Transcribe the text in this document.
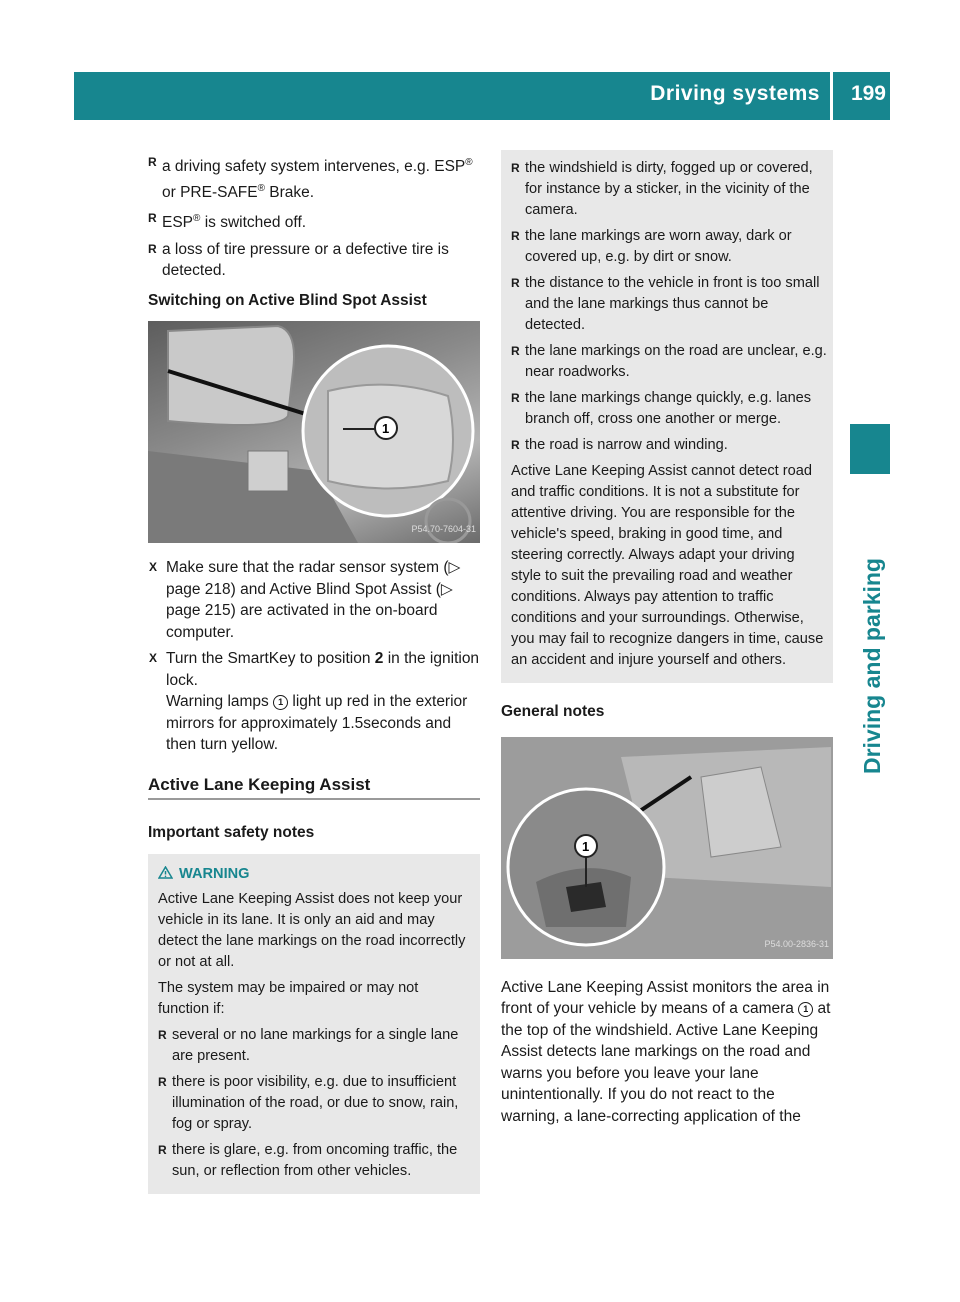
Driving systems 199
Driving and parking
R a driving safety system intervenes, e.g. ESP® or PRE-SAFE® Brake.
R ESP® is switched off.
R a loss of tire pressure or a defective tire is detected.
Switching on Active Blind Spot Assist
1
P54.70-7604-31
X Make sure that the radar sensor system (▷ page 218) and Active Blind Spot Assist (▷ page 215) are activated in the on-board computer.
X Turn the SmartKey to position 2 in the ignition lock.
Warning lamps 1 light up red in the exterior mirrors for approximately 1.5seconds and then turn yellow.
Active Lane Keeping Assist
Important safety notes
WARNING
Active Lane Keeping Assist does not keep your vehicle in its lane. It is only an aid and may detect the lane markings on the road incorrectly or not at all.
The system may be impaired or may not function if:
R several or no lane markings for a single lane are present.
R there is poor visibility, e.g. due to insufficient illumination of the road, or due to snow, rain, fog or spray.
R there is glare, e.g. from oncoming traffic, the sun, or reflection from other vehicles.
R the windshield is dirty, fogged up or covered, for instance by a sticker, in the vicinity of the camera.
R the lane markings are worn away, dark or covered up, e.g. by dirt or snow.
R the distance to the vehicle in front is too small and the lane markings thus cannot be detected.
R the lane markings on the road are unclear, e.g. near roadworks.
R the lane markings change quickly, e.g. lanes branch off, cross one another or merge.
R the road is narrow and winding.
Active Lane Keeping Assist cannot detect road and traffic conditions. It is not a substitute for attentive driving. You are responsible for the vehicle's speed, braking in good time, and steering correctly. Always adapt your driving style to suit the prevailing road and weather conditions. Always pay attention to traffic conditions and your surroundings. Otherwise, you may fail to recognize dangers in time, cause an accident and injure yourself and others.
General notes
1
P54.00-2836-31
Active Lane Keeping Assist monitors the area in front of your vehicle by means of a camera 1 at the top of the windshield. Active Lane Keeping Assist detects lane markings on the road and warns you before you leave your lane unintentionally. If you do not react to the warning, a lane-correcting application of the
